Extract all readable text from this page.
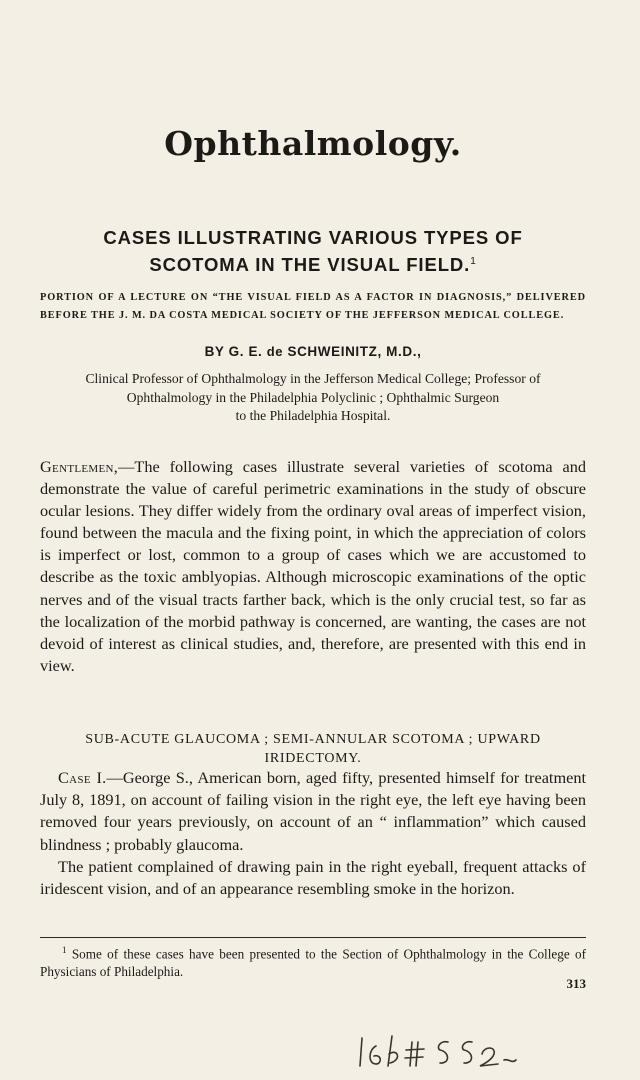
Ophthalmology.
CASES ILLUSTRATING VARIOUS TYPES OF
SCOTOMA IN THE VISUAL FIELD.$^1$
PORTION OF A LECTURE ON “THE VISUAL FIELD AS A FACTOR IN DIAGNOSIS,” DELIVERED BEFORE THE J. M. DA COSTA MEDICAL SOCIETY OF THE JEFFERSON MEDICAL COLLEGE.
BY G. E. de SCHWEINITZ, M.D.,
Clinical Professor of Ophthalmology in the Jefferson Medical College; Professor of
Ophthalmology in the Philadelphia Polyclinic ; Ophthalmic Surgeon
to the Philadelphia Hospital.
Gentlemen,—The following cases illustrate several varieties of scotoma and demonstrate the value of careful perimetric examinations in the study of obscure ocular lesions. They differ widely from the ordinary oval areas of imperfect vision, found between the macula and the fixing point, in which the appreciation of colors is imperfect or lost, common to a group of cases which we are accustomed to describe as the toxic amblyopias. Although microscopic examinations of the optic nerves and of the visual tracts farther back, which is the only crucial test, so far as the localization of the morbid pathway is concerned, are wanting, the cases are not devoid of interest as clinical studies, and, therefore, are presented with this end in view.
SUB-ACUTE GLAUCOMA ; SEMI-ANNULAR SCOTOMA ; UPWARD
IRIDECTOMY.

Case I.—George S., American born, aged fifty, presented himself for treatment July 8, 1891, on account of failing vision in the right eye, the left eye having been removed four years previously, on account of an “ inflammation” which caused blindness ; probably glaucoma.

The patient complained of drawing pain in the right eyeball, frequent attacks of iridescent vision, and of an appearance resembling smoke in the horizon.

$^1$ Some of these cases have been presented to the Section of Ophthalmology in the College of Physicians of Philadelphia.

313
